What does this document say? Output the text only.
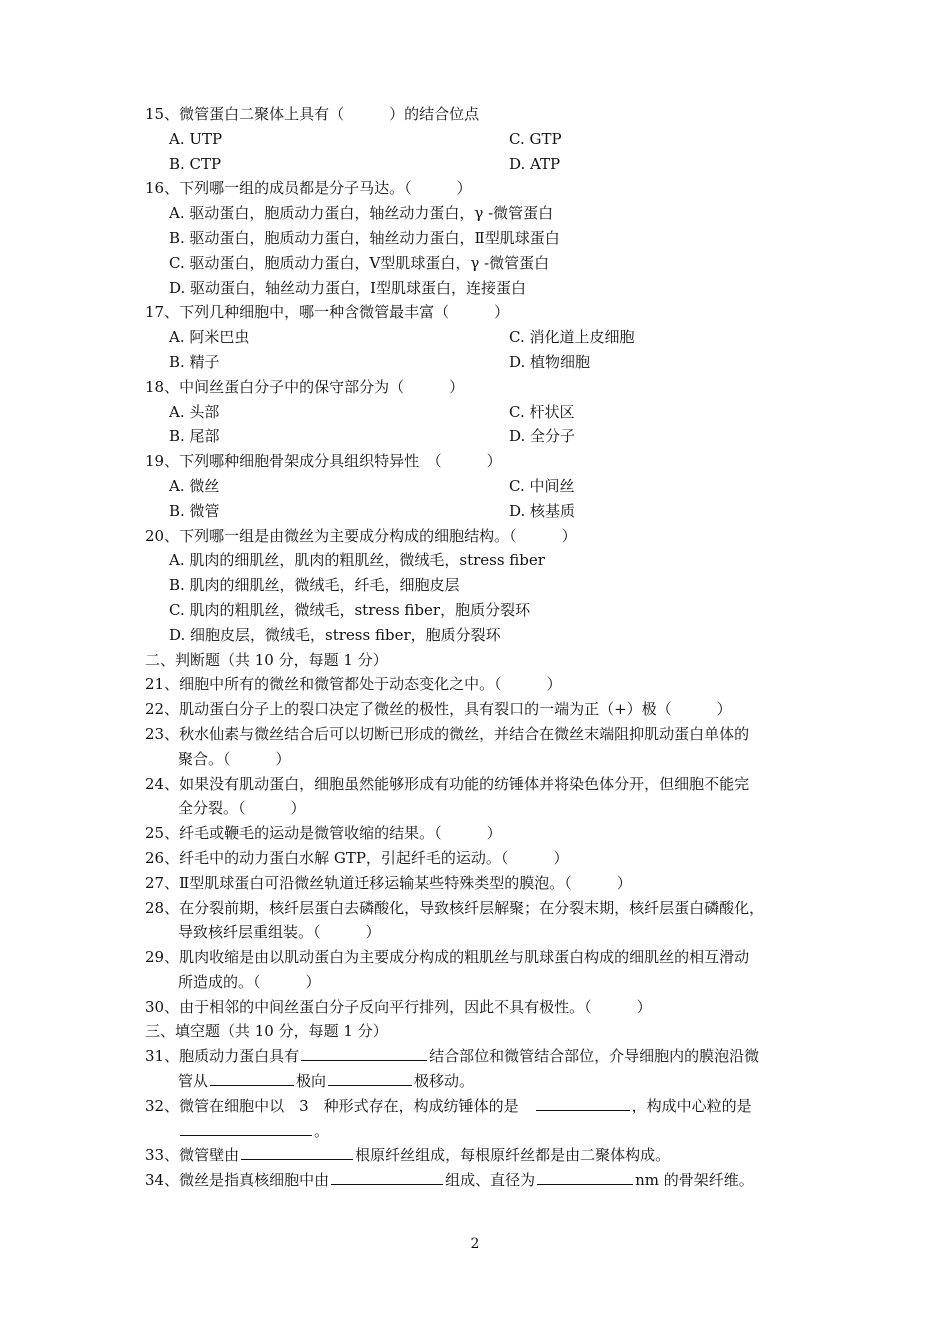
15、微管蛋白二聚体上具有（　　　）的结合位点
A. UTP	C. GTP
B. CTP	D. ATP
16、下列哪一组的成员都是分子马达。（　　　）
A. 驱动蛋白，胞质动力蛋白，轴丝动力蛋白，γ -微管蛋白
B. 驱动蛋白，胞质动力蛋白，轴丝动力蛋白，Ⅱ型肌球蛋白
C. 驱动蛋白，胞质动力蛋白，Ⅴ型肌球蛋白，γ -微管蛋白
D. 驱动蛋白，轴丝动力蛋白，Ⅰ型肌球蛋白，连接蛋白
17、下列几种细胞中，哪一种含微管最丰富（　　　）
A. 阿米巴虫	C. 消化道上皮细胞
B. 精子	D. 植物细胞
18、中间丝蛋白分子中的保守部分为（　　　）
A. 头部	C. 杆状区
B. 尾部	D. 全分子
19、下列哪种细胞骨架成分具组织特异性　（　　　）
A. 微丝	C. 中间丝
B. 微管	D. 核基质
20、下列哪一组是由微丝为主要成分构成的细胞结构。（　　　）
A. 肌肉的细肌丝，肌肉的粗肌丝，微绒毛，stress fiber
B. 肌肉的细肌丝，微绒毛，纤毛，细胞皮层
C. 肌肉的粗肌丝，微绒毛，stress fiber，胞质分裂环
D. 细胞皮层，微绒毛，stress fiber，胞质分裂环
二、判断题（共 10 分，每题 1 分）
21、细胞中所有的微丝和微管都处于动态变化之中。（　　　）
22、肌动蛋白分子上的裂口决定了微丝的极性，具有裂口的一端为正（+）极（　　　）
23、秋水仙素与微丝结合后可以切断已形成的微丝，并结合在微丝末端阻抑肌动蛋白单体的
聚合。（　　　）
24、如果没有肌动蛋白，细胞虽然能够形成有功能的纺锤体并将染色体分开，但细胞不能完
全分裂。（　　　）
25、纤毛或鞭毛的运动是微管收缩的结果。（　　　）
26、纤毛中的动力蛋白水解 GTP，引起纤毛的运动。（　　　）
27、Ⅱ型肌球蛋白可沿微丝轨道迁移运输某些特殊类型的膜泡。（　　　）
28、在分裂前期，核纤层蛋白去磷酸化，导致核纤层解聚；在分裂末期，核纤层蛋白磷酸化，
导致核纤层重组装。（　　　）
29、肌肉收缩是由以肌动蛋白为主要成分构成的粗肌丝与肌球蛋白构成的细肌丝的相互滑动
所造成的。（　　　）
30、由于相邻的中间丝蛋白分子反向平行排列，因此不具有极性。（　　　）
三、填空题（共 10 分，每题 1 分）
31、胞质动力蛋白具有	结合部位和微管结合部位，介导细胞内的膜泡沿微
管从	极向	极移动。
32、微管在细胞中以　3　种形式存在，构成纺锤体的是　	，构成中心粒的是
。
33、微管壁由	根原纤丝组成，每根原纤丝都是由二聚体构成。
34、微丝是指真核细胞中由	组成、直径为	nm 的骨架纤维。
2
